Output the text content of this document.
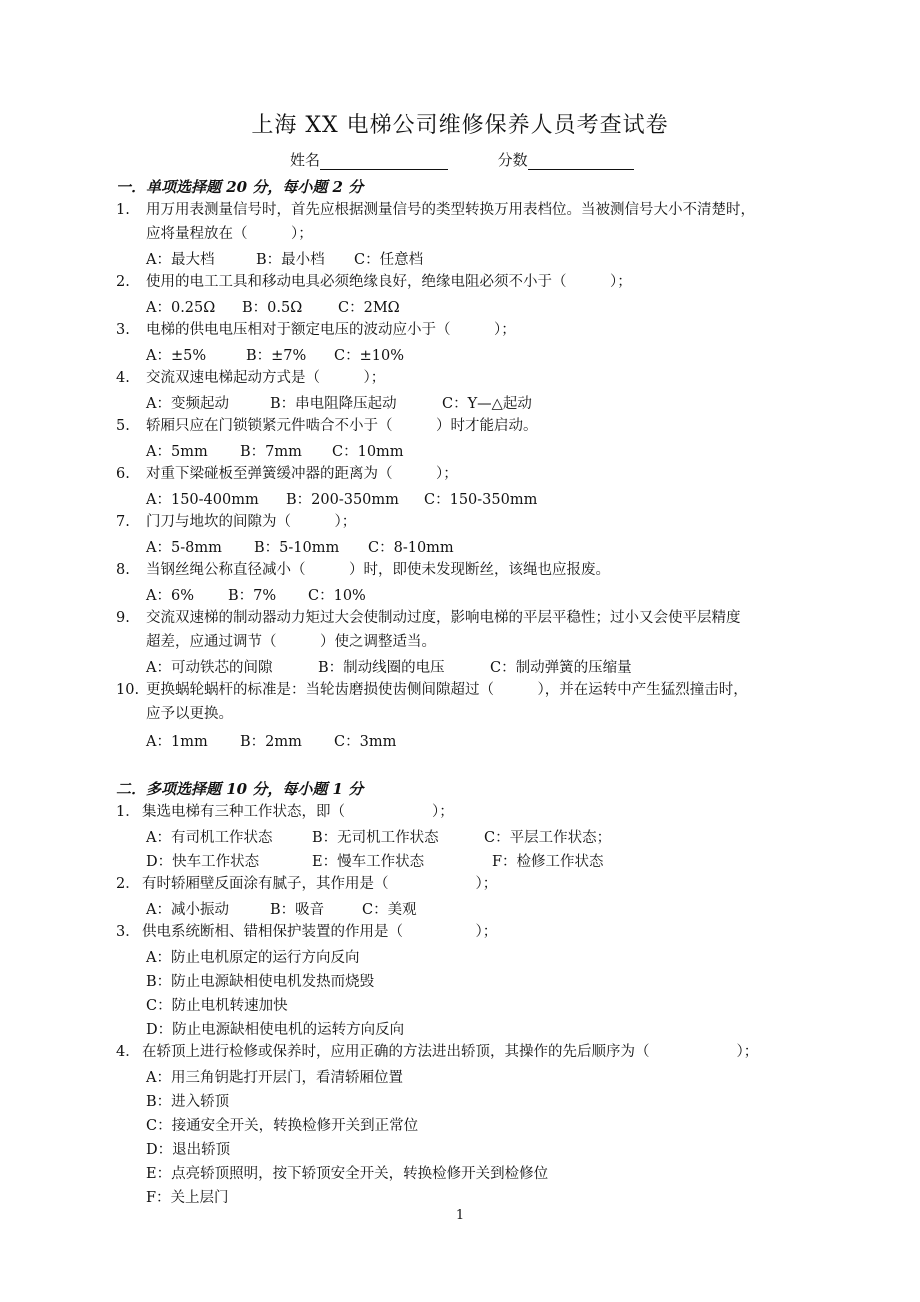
上海 XX 电梯公司维修保养人员考查试卷
姓名	分数
一．单项选择题 20 分，每小题 2 分
1. 用万用表测量信号时，首先应根据测量信号的类型转换万用表档位。当被测信号大小不清楚时，
应将量程放在（　　　）；
A：最大档	B：最小档 C：任意档
2. 使用的电工工具和移动电具必须绝缘良好，绝缘电阻必须不小于（　　　）；
A：0.25Ω B：0.5Ω C：2MΩ
3. 电梯的供电电压相对于额定电压的波动应小于（　　　）；
A：±5%	B：±7% C：±10%
4. 交流双速电梯起动方式是（　　　）；
A：变频起动	B：串电阻降压起动	C：Y—△起动
5. 轿厢只应在门锁锁紧元件啮合不小于（　　　）时才能启动。
A：5mm B：7mm C：10mm
6. 对重下梁碰板至弹簧缓冲器的距离为（　　　）；
A：150-400mm B：200-350mm C：150-350mm
7. 门刀与地坎的间隙为（　　　）；
A：5-8mm B：5-10mm C：8-10mm
8. 当钢丝绳公称直径减小（　　　）时，即使未发现断丝，该绳也应报废。
A：6% B：7% C：10%
9. 交流双速梯的制动器动力矩过大会使制动过度，影响电梯的平层平稳性；过小又会使平层精度
超差，应通过调节（　　　）使之调整适当。
A：可动铁芯的间隙	B：制动线圈的电压	C：制动弹簧的压缩量
10. 更换蜗轮蜗杆的标准是：当轮齿磨损使齿侧间隙超过（　　　），并在运转中产生猛烈撞击时，
应予以更换。
A：1mm B：2mm C：3mm
二．多项选择题 10 分，每小题 1 分
1． 集选电梯有三种工作状态，即（　　　　　　）；
A：有司机工作状态	B：无司机工作状态	C：平层工作状态；
D：快车工作状态	E：慢车工作状态	F：检修工作状态
2． 有时轿厢壁反面涂有腻子，其作用是（　　　　　　）；
A：减小振动	B：吸音	C：美观
3． 供电系统断相、错相保护装置的作用是（　　　　　）；
A：防止电机原定的运行方向反向
B：防止电源缺相使电机发热而烧毁
C：防止电机转速加快
D：防止电源缺相使电机的运转方向反向
4． 在轿顶上进行检修或保养时，应用正确的方法进出轿顶，其操作的先后顺序为（　　　　　　）；
A：用三角钥匙打开层门，看清轿厢位置
B：进入轿顶
C：接通安全开关，转换检修开关到正常位
D：退出轿顶
E：点亮轿顶照明，按下轿顶安全开关，转换检修开关到检修位
F：关上层门
1
